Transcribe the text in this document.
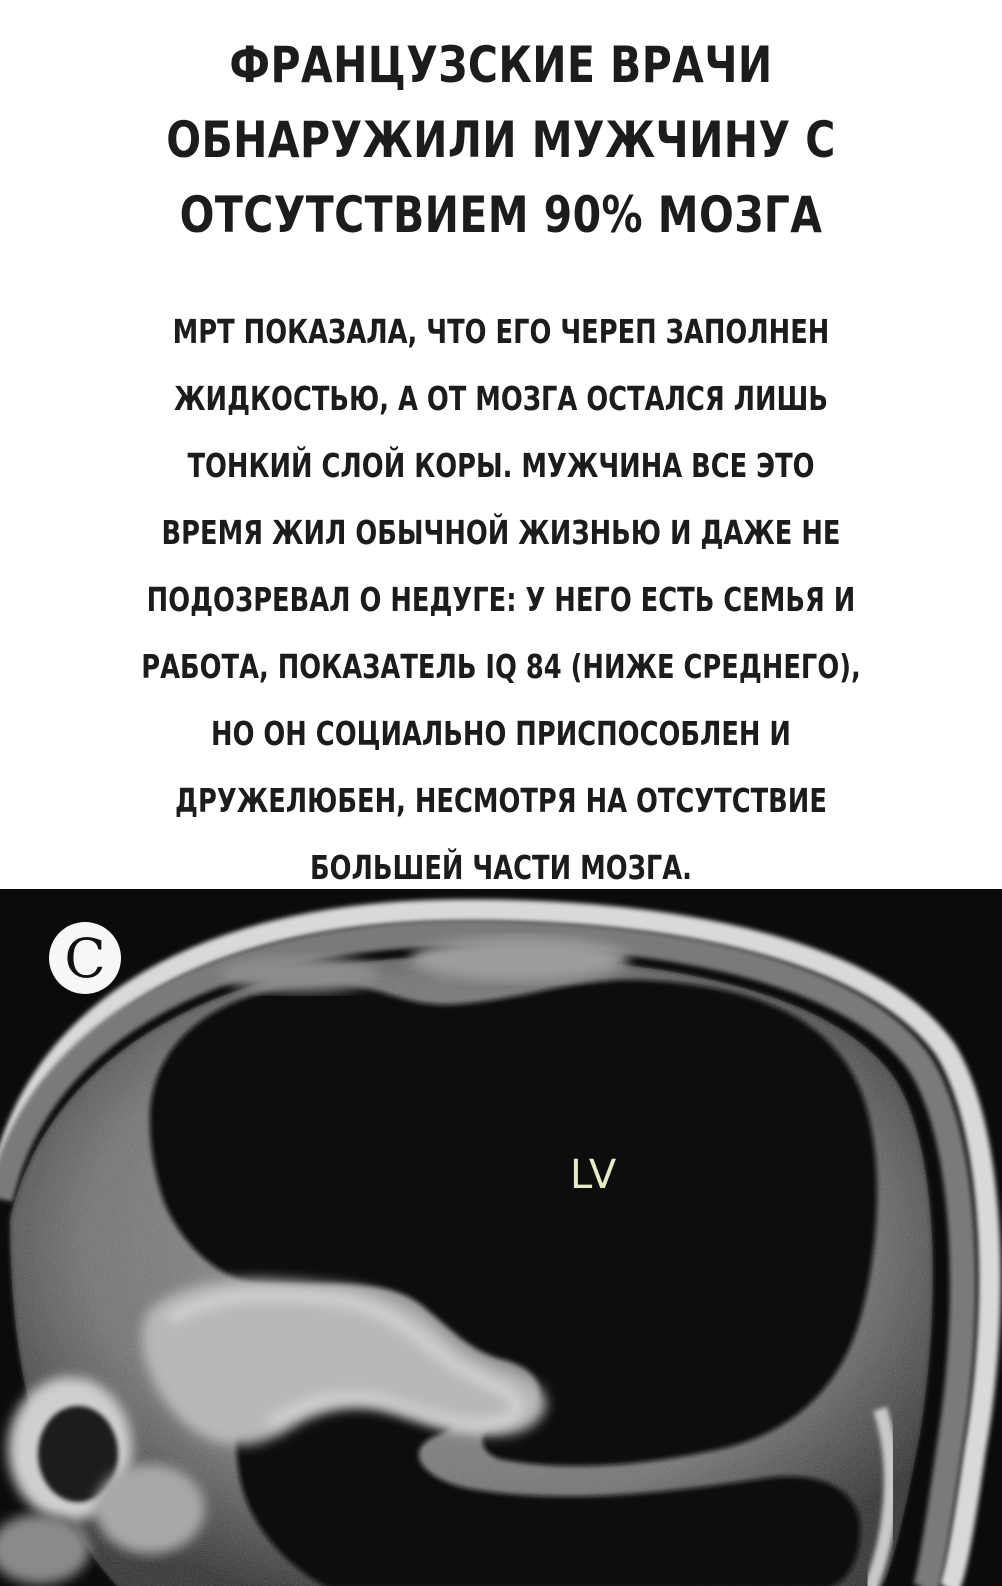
ФРАНЦУЗСКИЕ ВРАЧИ
ОБНАРУЖИЛИ МУЖЧИНУ С
ОТСУТСТВИЕМ 90% МОЗГА
МРТ ПОКАЗАЛА, ЧТО ЕГО ЧЕРЕП ЗАПОЛНЕН
ЖИДКОСТЬЮ, А ОТ МОЗГА ОСТАЛСЯ ЛИШЬ
ТОНКИЙ СЛОЙ КОРЫ. МУЖЧИНА ВСЕ ЭТО
ВРЕМЯ ЖИЛ ОБЫЧНОЙ ЖИЗНЬЮ И ДАЖЕ НЕ
ПОДОЗРЕВАЛ О НЕДУГЕ: У НЕГО ЕСТЬ СЕМЬЯ И
РАБОТА, ПОКАЗАТЕЛЬ IQ 84 (НИЖЕ СРЕДНЕГО),
НО ОН СОЦИАЛЬНО ПРИСПОСОБЛЕН И
ДРУЖЕЛЮБЕН, НЕСМОТРЯ НА ОТСУТСТВИЕ
БОЛЬШЕЙ ЧАСТИ МОЗГА.
C
LV
